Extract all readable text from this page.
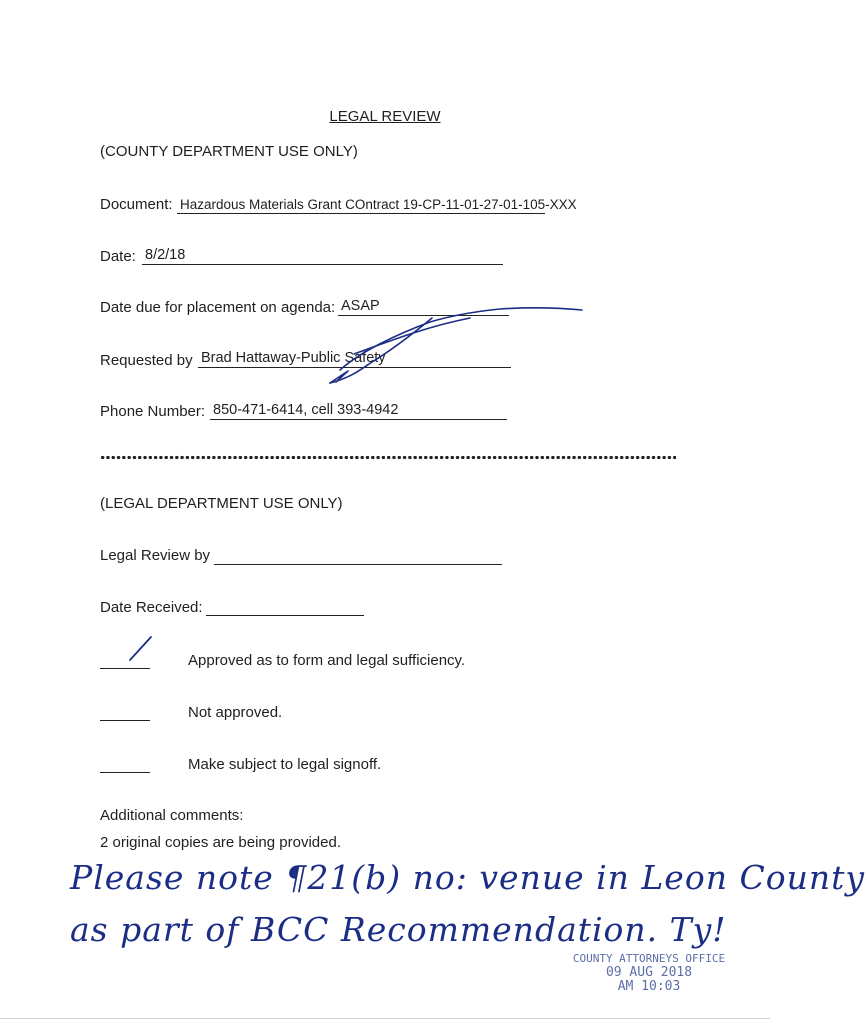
LEGAL REVIEW
(COUNTY DEPARTMENT USE ONLY)
Document: Hazardous Materials Grant COntract 19-CP-11-01-27-01-105-XXX
Date: 8/2/18
Date due for placement on agenda: ASAP
Requested by Brad Hattaway-Public Safety
Phone Number: 850-471-6414, cell 393-4942
(LEGAL DEPARTMENT USE ONLY)
Legal Review by
Date Received:
Approved as to form and legal sufficiency.
Not approved.
Make subject to legal signoff.
Additional comments:
2 original copies are being provided.
Please note ¶21(b) no: venue in Leon County
as part of BCC Recommendation. Ty!
COUNTY ATTORNEYS OFFICE
09 AUG 2018
AM 10:03
